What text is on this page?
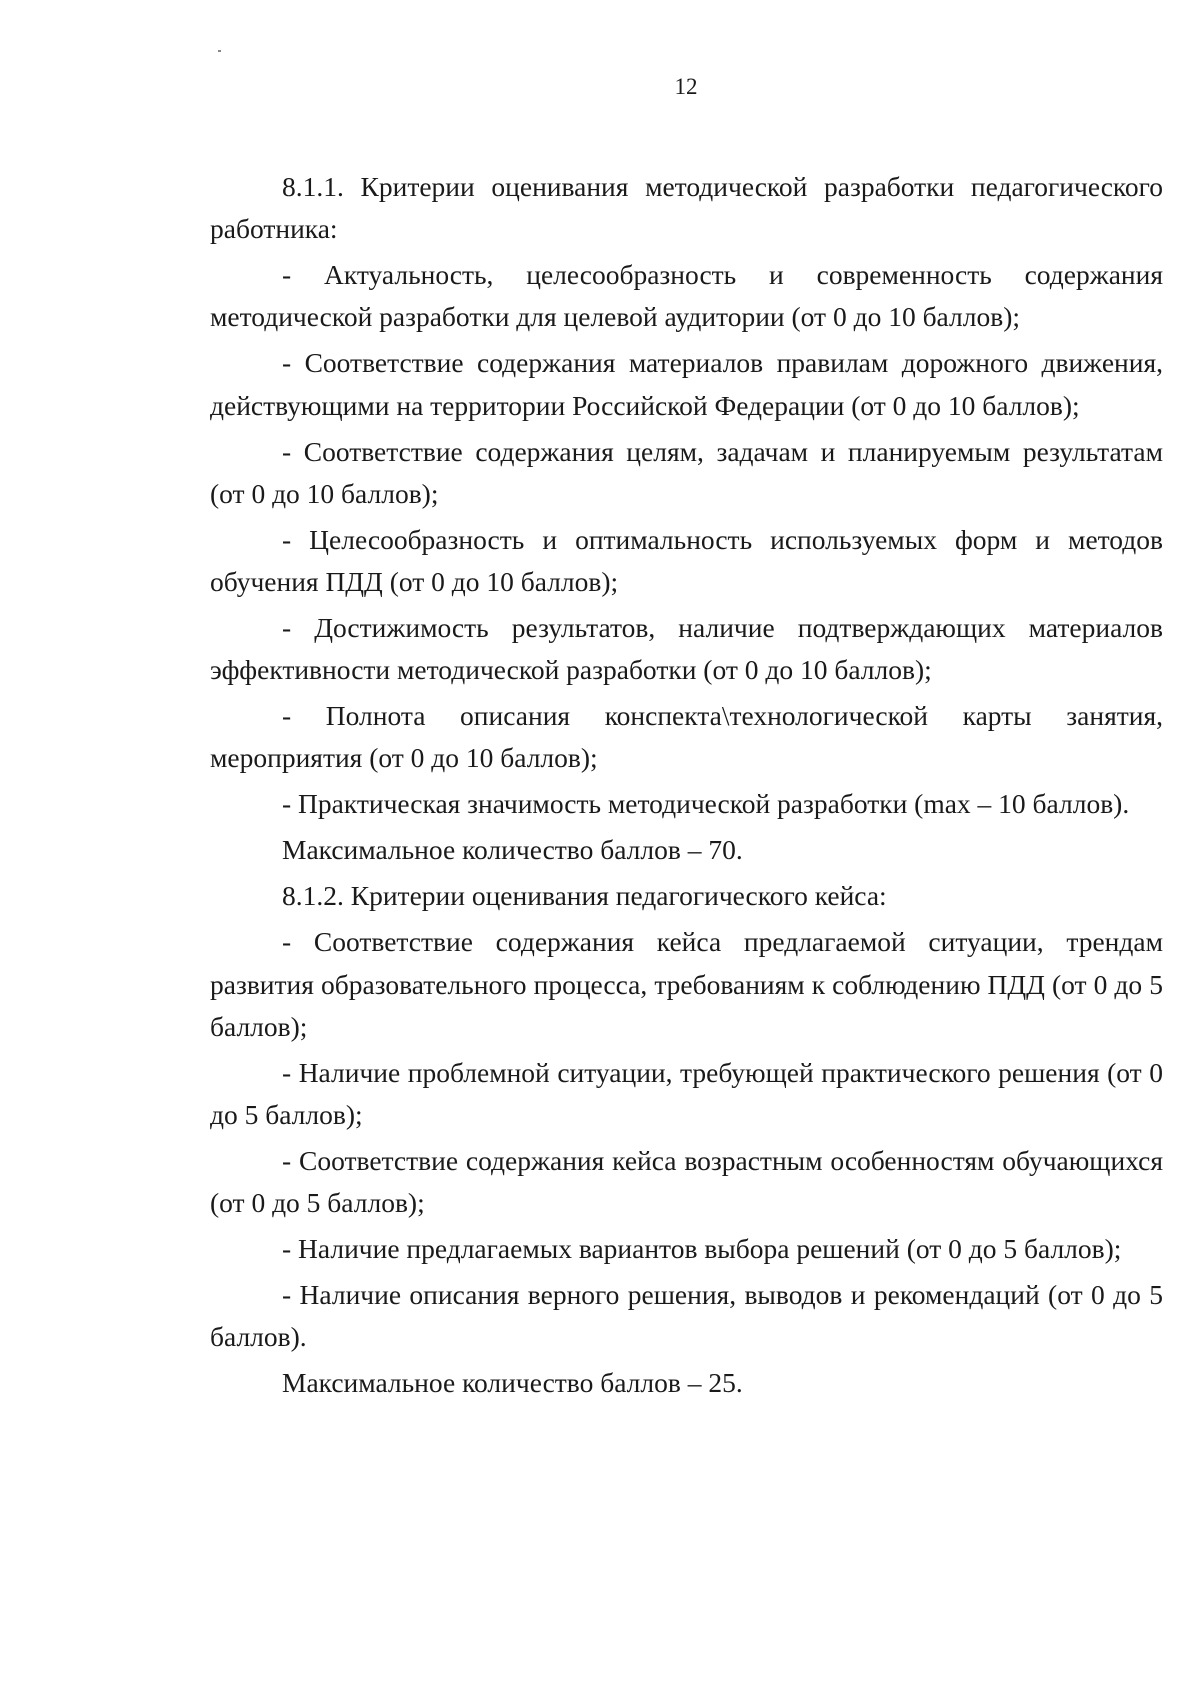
12

8.1.1. Критерии оценивания методической разработки педагогического работника:

- Актуальность, целесообразность и современность содержания методической разработки для целевой аудитории (от 0 до 10 баллов);

- Соответствие содержания материалов правилам дорожного движения, действующими на территории Российской Федерации (от 0 до 10 баллов);

- Соответствие содержания целям, задачам и планируемым результатам (от 0 до 10 баллов);

- Целесообразность и оптимальность используемых форм и методов обучения ПДД (от 0 до 10 баллов);

- Достижимость результатов, наличие подтверждающих материалов эффективности методической разработки (от 0 до 10 баллов);

- Полнота описания конспекта\технологической карты занятия, мероприятия (от 0 до 10 баллов);

- Практическая значимость методической разработки (max – 10 баллов).

Максимальное количество баллов – 70.

8.1.2. Критерии оценивания педагогического кейса:

- Соответствие содержания кейса предлагаемой ситуации, трендам развития образовательного процесса, требованиям к соблюдению ПДД (от 0 до 5 баллов);

- Наличие проблемной ситуации, требующей практического решения (от 0 до 5 баллов);

- Соответствие содержания кейса возрастным особенностям обучающихся (от 0 до 5 баллов);

- Наличие предлагаемых вариантов выбора решений (от 0 до 5 баллов);

- Наличие описания верного решения, выводов и рекомендаций (от 0 до 5 баллов).

Максимальное количество баллов – 25.
